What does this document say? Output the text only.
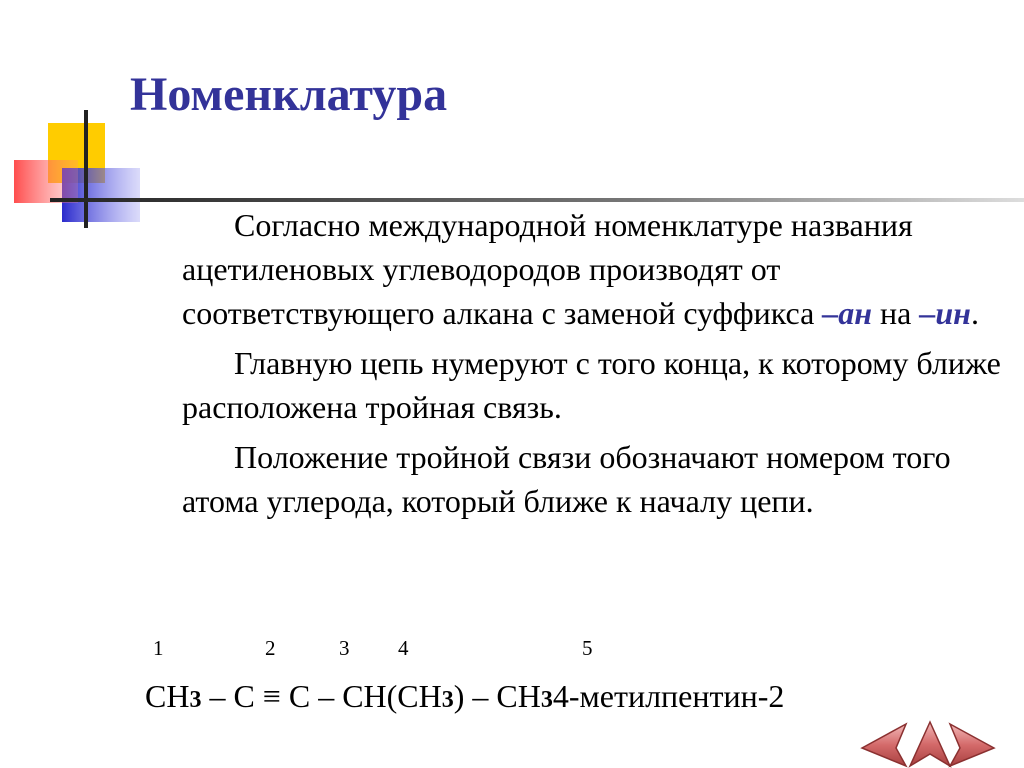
Номенклатура

Согласно международной номенклатуре названия ацетиленовых углеводородов производят от соответствующего алкана с заменой суффикса –ан на –ин.

Главную цепь нумеруют с того конца, к которому ближе расположена тройная связь.

Положение тройной связи обозначают номером того атома углерода, который ближе к началу цепи.

1	2	3 4	5
CH3 – C ≡ C – CH(CH3) – CH34-метилпентин-2
